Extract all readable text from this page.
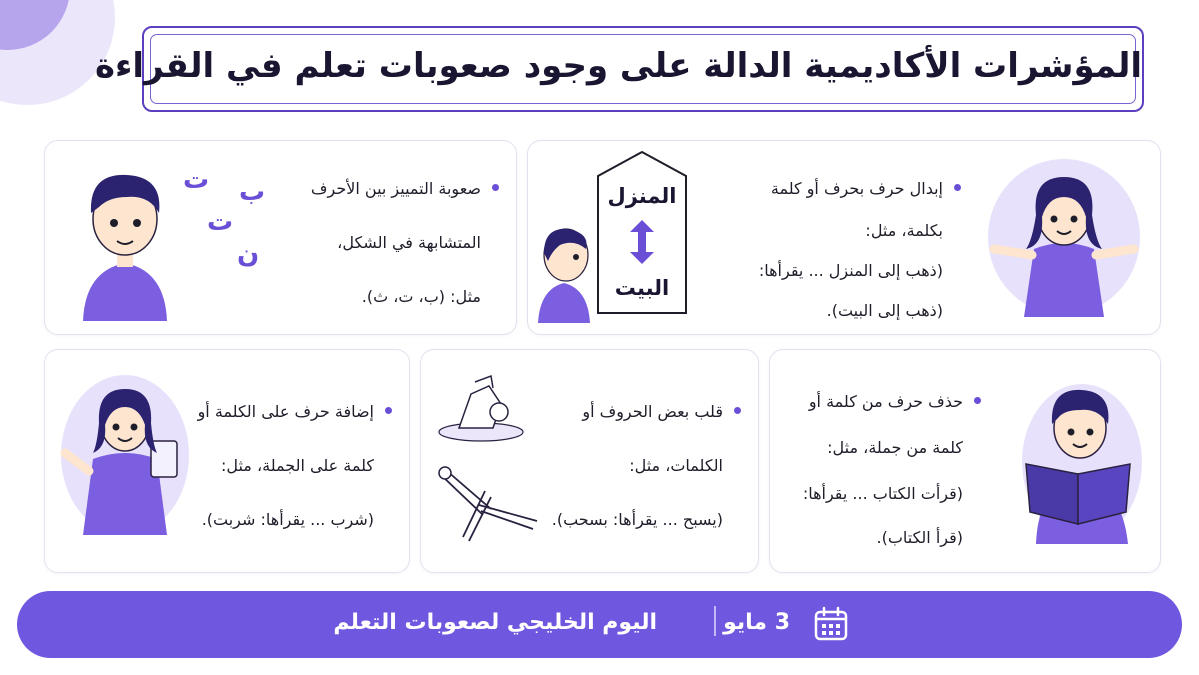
المؤشرات الأكاديمية الدالة على وجود صعوبات تعلم في القراءة
ب
ت
ت
ن
صعوبة التمييز بين الأحرف
المتشابهة في الشكل،
مثل: (ب، ت، ث).
إبدال حرف بحرف أو كلمة
بكلمة، مثل:
(ذهب إلى المنزل ... يقرأها:
(ذهب إلى البيت).
المنزل
البيت
إضافة حرف على الكلمة أو
كلمة على الجملة، مثل:
(شرب ... يقرأها: شربت).
قلب بعض الحروف أو
الكلمات، مثل:
(يسبح ... يقرأها: بسحب).
حذف حرف من كلمة أو
كلمة من جملة، مثل:
(قرأت الكتاب ... يقرأها:
(قرأ الكتاب).
3 مايو
اليوم الخليجي لصعوبات التعلم
